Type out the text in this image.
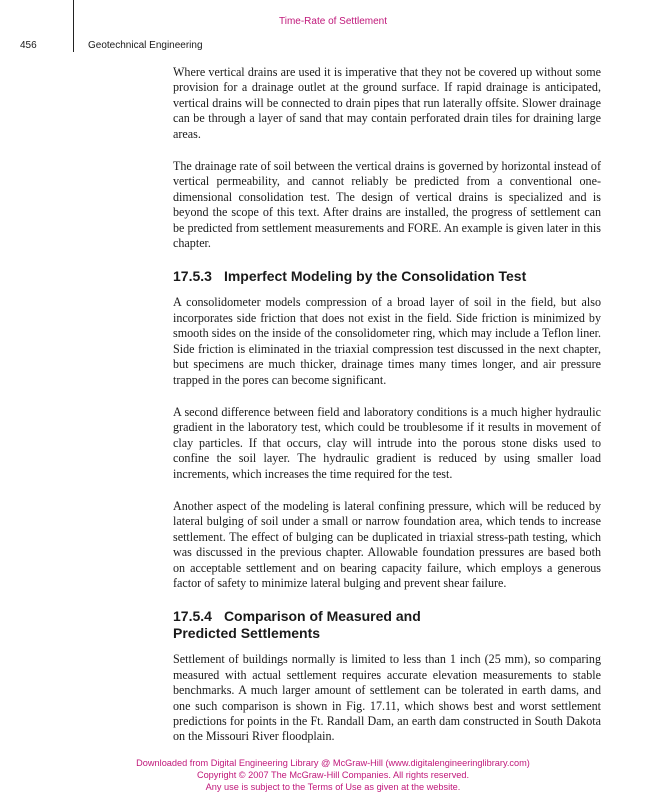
Time-Rate of Settlement
456	Geotechnical Engineering

Where vertical drains are used it is imperative that they not be covered up without some provision for a drainage outlet at the ground surface. If rapid drainage is anticipated, vertical drains will be connected to drain pipes that run laterally offsite. Slower drainage can be through a layer of sand that may contain perforated drain tiles for draining large areas.

The drainage rate of soil between the vertical drains is governed by horizontal instead of vertical permeability, and cannot reliably be predicted from a conventional one-dimensional consolidation test. The design of vertical drains is specialized and is beyond the scope of this text. After drains are installed, the progress of settlement can be predicted from settlement measurements and FORE. An example is given later in this chapter.

17.5.3 Imperfect Modeling by the Consolidation Test

A consolidometer models compression of a broad layer of soil in the field, but also incorporates side friction that does not exist in the field. Side friction is minimized by smooth sides on the inside of the consolidometer ring, which may include a Teflon liner. Side friction is eliminated in the triaxial compression test discussed in the next chapter, but specimens are much thicker, drainage times many times longer, and air pressure trapped in the pores can become significant.

A second difference between field and laboratory conditions is a much higher hydraulic gradient in the laboratory test, which could be troublesome if it results in movement of clay particles. If that occurs, clay will intrude into the porous stone disks used to confine the soil layer. The hydraulic gradient is reduced by using smaller load increments, which increases the time required for the test.

Another aspect of the modeling is lateral confining pressure, which will be reduced by lateral bulging of soil under a small or narrow foundation area, which tends to increase settlement. The effect of bulging can be duplicated in triaxial stress-path testing, which was discussed in the previous chapter. Allowable foundation pressures are based both on acceptable settlement and on bearing capacity failure, which employs a generous factor of safety to minimize lateral bulging and prevent shear failure.

17.5.4 Comparison of Measured and Predicted Settlements

Settlement of buildings normally is limited to less than 1 inch (25 mm), so comparing measured with actual settlement requires accurate elevation measurements to stable benchmarks. A much larger amount of settlement can be tolerated in earth dams, and one such comparison is shown in Fig. 17.11, which shows best and worst settlement predictions for points in the Ft. Randall Dam, an earth dam constructed in South Dakota on the Missouri River floodplain.

Downloaded from Digital Engineering Library @ McGraw-Hill (www.digitalengineeringlibrary.com)
Copyright © 2007 The McGraw-Hill Companies. All rights reserved.
Any use is subject to the Terms of Use as given at the website.
